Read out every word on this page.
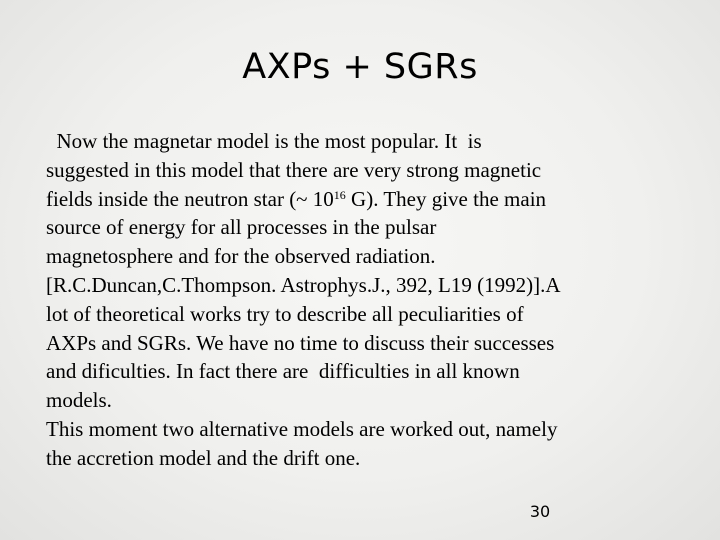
AXPs + SGRs
Now the magnetar model is the most popular. It  is
suggested in this model that there are very strong magnetic
fields inside the neutron star (~ $10^{16}$ G). They give the main
source of energy for all processes in the pulsar
magnetosphere and for the observed radiation.
[R.C.Duncan,C.Thompson. Astrophys.J., 392, L19 (1992)].A
lot of theoretical works try to describe all peculiarities of
AXPs and SGRs. We have no time to discuss their successes
and dificulties. In fact there are  difficulties in all known
models.
This moment two alternative models are worked out, namely
the accretion model and the drift one.
30
